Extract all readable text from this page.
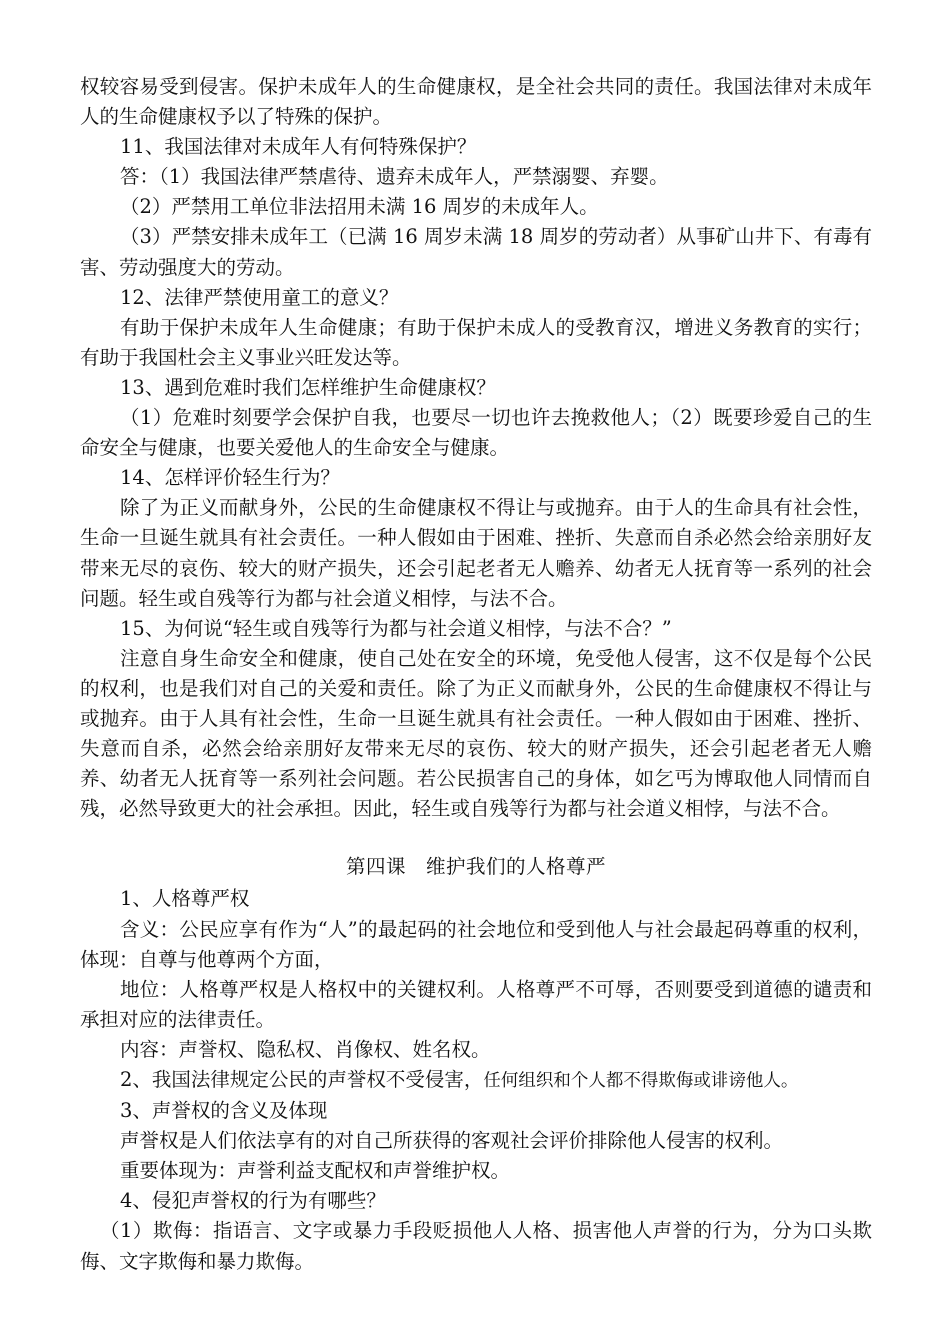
权较容易受到侵害。保护未成年人的生命健康权，是全社会共同的责任。我国法律对未成年人的生命健康权予以了特殊的保护。

11、我国法律对未成年人有何特殊保护？

答：（1）我国法律严禁虐待、遗弃未成年人，严禁溺婴、弃婴。

（2）严禁用工单位非法招用未满 16 周岁的未成年人。

（3）严禁安排未成年工（已满 16 周岁未满 18 周岁的劳动者）从事矿山井下、有毒有害、劳动强度大的劳动。

12、法律严禁使用童工的意义？

有助于保护未成年人生命健康；有助于保护未成人的受教育汉，增进义务教育的实行；有助于我国杜会主义事业兴旺发达等。

13、遇到危难时我们怎样维护生命健康权？

（1）危难时刻要学会保护自我，也要尽一切也许去挽救他人；（2）既要珍爱自己的生命安全与健康，也要关爱他人的生命安全与健康。

14、怎样评价轻生行为？

除了为正义而献身外，公民的生命健康权不得让与或抛弃。由于人的生命具有社会性，生命一旦诞生就具有社会责任。一种人假如由于困难、挫折、失意而自杀必然会给亲朋好友带来无尽的哀伤、较大的财产损失，还会引起老者无人赡养、幼者无人抚育等一系列的社会问题。轻生或自残等行为都与社会道义相悖，与法不合。

15、为何说“轻生或自残等行为都与社会道义相悖，与法不合？”

注意自身生命安全和健康，使自己处在安全的环境，免受他人侵害，这不仅是每个公民的权利，也是我们对自己的关爱和责任。除了为正义而献身外，公民的生命健康权不得让与或抛弃。由于人具有社会性，生命一旦诞生就具有社会责任。一种人假如由于困难、挫折、失意而自杀，必然会给亲朋好友带来无尽的哀伤、较大的财产损失，还会引起老者无人赡养、幼者无人抚育等一系列社会问题。若公民损害自己的身体，如乞丐为博取他人同情而自残，必然导致更大的社会承担。因此，轻生或自残等行为都与社会道义相悖，与法不合。

第四课　维护我们的人格尊严

1、人格尊严权

含义：公民应享有作为“人”的最起码的社会地位和受到他人与社会最起码尊重的权利，体现：自尊与他尊两个方面，

地位：人格尊严权是人格权中的关键权利。人格尊严不可辱，否则要受到道德的谴责和承担对应的法律责任。

内容：声誉权、隐私权、肖像权、姓名权。

2、我国法律规定公民的声誉权不受侵害，任何组织和个人都不得欺侮或诽谤他人。

3、声誉权的含义及体现

声誉权是人们依法享有的对自己所获得的客观社会评价排除他人侵害的权利。

重要体现为：声誉利益支配权和声誉维护权。

4、侵犯声誉权的行为有哪些？

（1）欺侮：指语言、文字或暴力手段贬损他人人格、损害他人声誉的行为，分为口头欺侮、文字欺侮和暴力欺侮。
